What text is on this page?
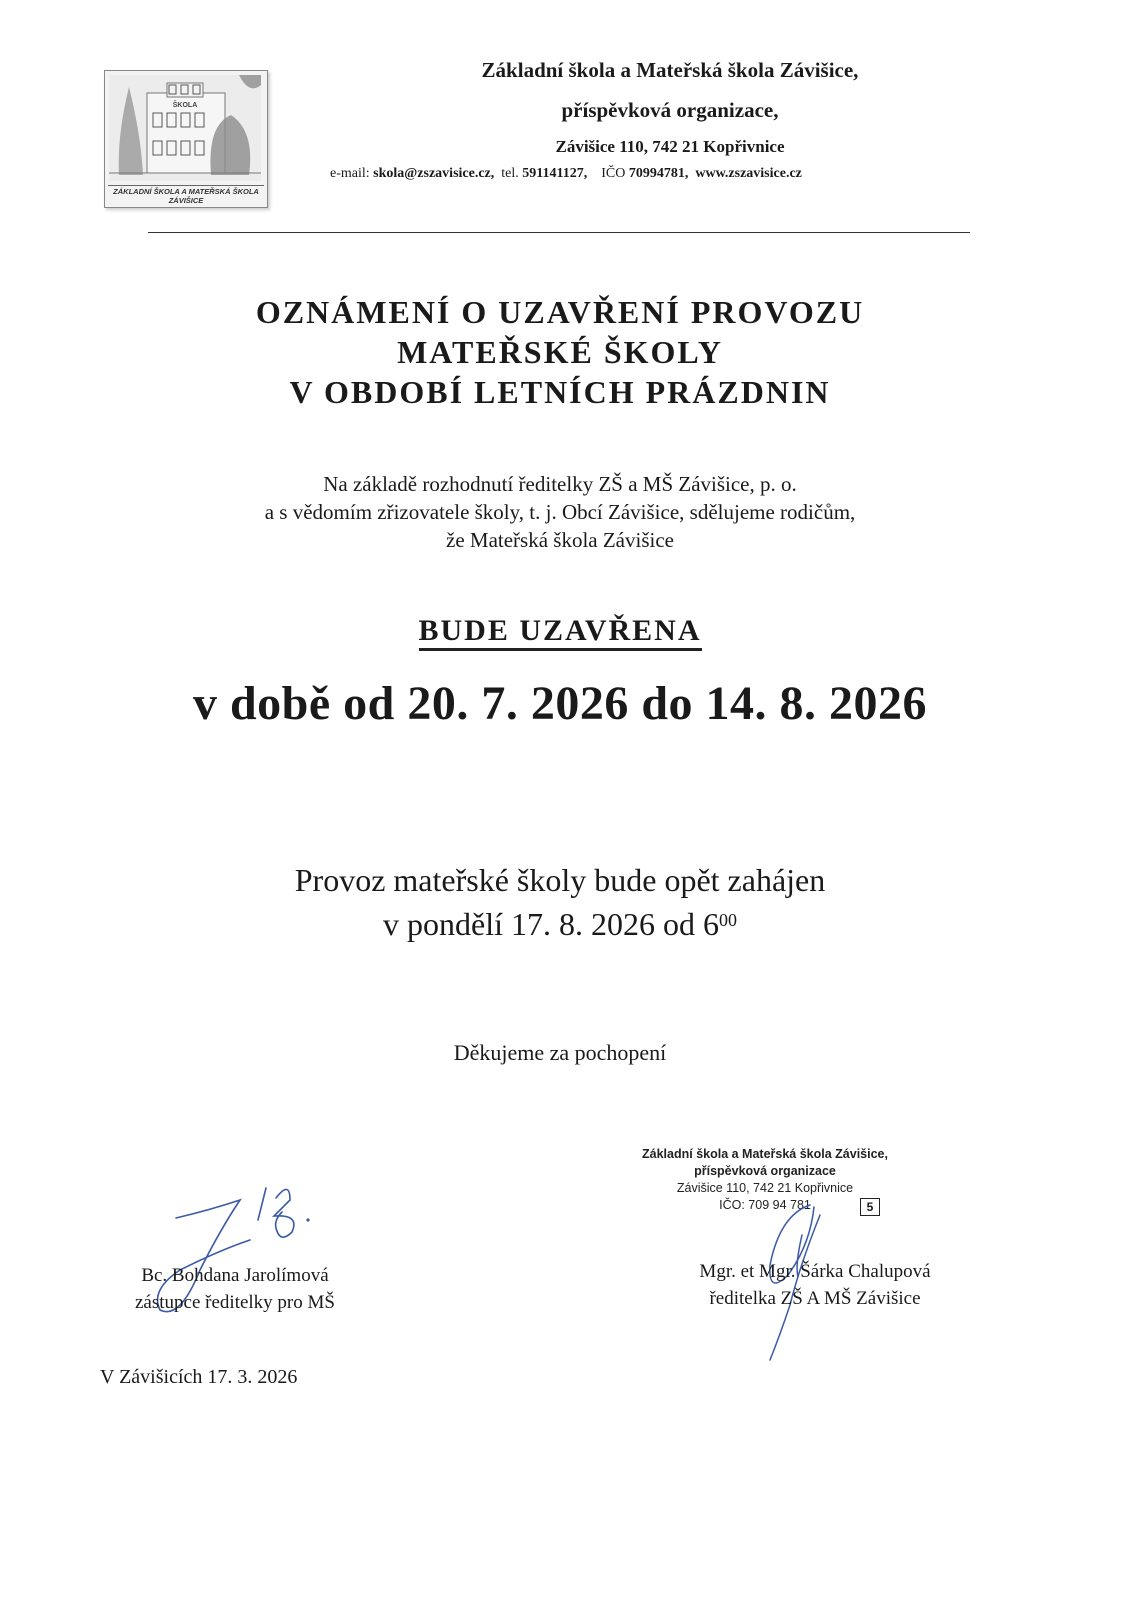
ŠKOLA
ZÁKLADNÍ ŠKOLA A MATEŘSKÁ ŠKOLA
ZÁVIŠICE
Základní škola a Mateřská škola Závišice,
příspěvková organizace,
Závišice 110, 742 21 Kopřivnice
e-mail: skola@zszavisice.cz, tel. 591141127, IČO 70994781, www.zszavisice.cz
OZNÁMENÍ O UZAVŘENÍ PROVOZU
MATEŘSKÉ ŠKOLY
V OBDOBÍ LETNÍCH PRÁZDNIN
Na základě rozhodnutí ředitelky ZŠ a MŠ Závišice, p. o.
a s vědomím zřizovatele školy, t. j. Obcí Závišice, sdělujeme rodičům,
že Mateřská škola Závišice
BUDE UZAVŘENA
v době od 20. 7. 2026 do 14. 8. 2026
Provoz mateřské školy bude opět zahájen
v pondělí 17. 8. 2026 od $6^{00}$
Děkujeme za pochopení
Základní škola a Mateřská škola Závišice,
příspěvková organizace
Závišice 110, 742 21 Kopřivnice
IČO: 709 94 781	5
Bc. Bohdana Jarolímová
zástupce ředitelky pro MŠ
Mgr. et Mgr. Šárka Chalupová
ředitelka ZŠ A MŠ Závišice
V Závišicích 17. 3. 2026
